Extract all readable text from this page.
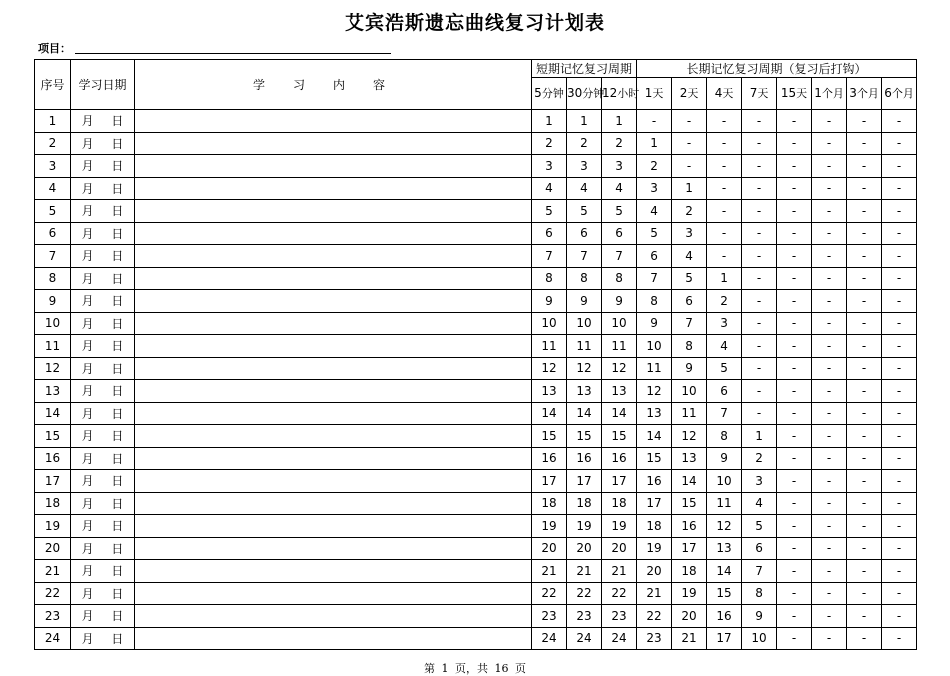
艾宾浩斯遗忘曲线复习计划表
项目：
序号	学习日期	学习内容	短期记忆复习周期			长期记忆复习周期（复习后打钩）							
			5分钟	30分钟	12小时	1天	2天	4天	7天	15天	1个月	3个月	6个月
1	月 日		1	1	1	-	-	-	-	-	-	-	-
2	月 日		2	2	2	1	-	-	-	-	-	-	-
3	月 日		3	3	3	2	-	-	-	-	-	-	-
4	月 日		4	4	4	3	1	-	-	-	-	-	-
5	月 日		5	5	5	4	2	-	-	-	-	-	-
6	月 日		6	6	6	5	3	-	-	-	-	-	-
7	月 日		7	7	7	6	4	-	-	-	-	-	-
8	月 日		8	8	8	7	5	1	-	-	-	-	-
9	月 日		9	9	9	8	6	2	-	-	-	-	-
10	月 日		10	10	10	9	7	3	-	-	-	-	-
11	月 日		11	11	11	10	8	4	-	-	-	-	-
12	月 日		12	12	12	11	9	5	-	-	-	-	-
13	月 日		13	13	13	12	10	6	-	-	-	-	-
14	月 日		14	14	14	13	11	7	-	-	-	-	-
15	月 日		15	15	15	14	12	8	1	-	-	-	-
16	月 日		16	16	16	15	13	9	2	-	-	-	-
17	月 日		17	17	17	16	14	10	3	-	-	-	-
18	月 日		18	18	18	17	15	11	4	-	-	-	-
19	月 日		19	19	19	18	16	12	5	-	-	-	-
20	月 日		20	20	20	19	17	13	6	-	-	-	-
21	月 日		21	21	21	20	18	14	7	-	-	-	-
22	月 日		22	22	22	21	19	15	8	-	-	-	-
23	月 日		23	23	23	22	20	16	9	-	-	-	-
24	月 日		24	24	24	23	21	17	10	-	-	-	-
第 1 页，共 16 页
